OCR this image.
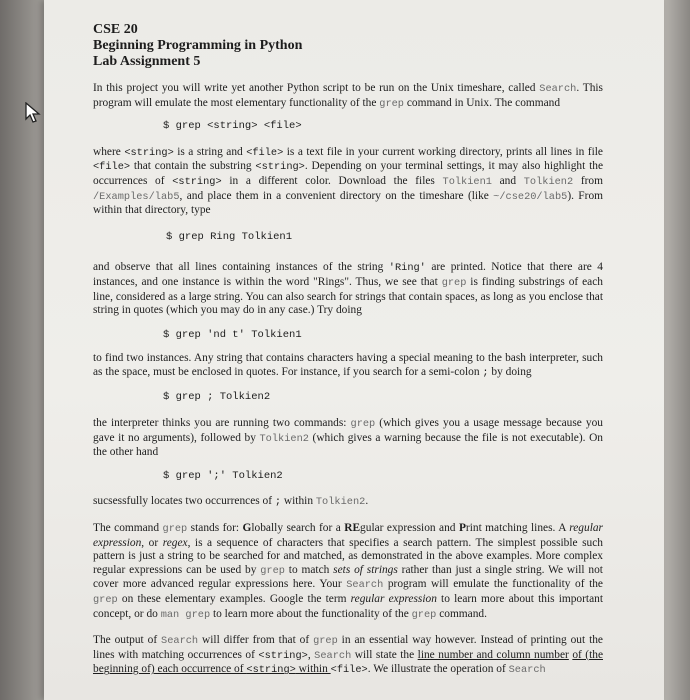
CSE 20
Beginning Programming in Python
Lab Assignment 5

In this project you will write yet another Python script to be run on the Unix timeshare, called Search. This program will emulate the most elementary functionality of the grep command in Unix. The command

$ grep <string> <file>

where <string> is a string and <file> is a text file in your current working directory, prints all lines in file <file> that contain the substring <string>. Depending on your terminal settings, it may also highlight the occurrences of <string> in a different color. Download the files Tolkien1 and Tolkien2 from /Examples/lab5, and place them in a convenient directory on the timeshare (like ~/cse20/lab5). From within that directory, type

$ grep Ring Tolkien1

and observe that all lines containing instances of the string 'Ring' are printed. Notice that there are 4 instances, and one instance is within the word "Rings". Thus, we see that grep is finding substrings of each line, considered as a large string. You can also search for strings that contain spaces, as long as you enclose that string in quotes (which you may do in any case.) Try doing

$ grep 'nd t' Tolkien1

to find two instances. Any string that contains characters having a special meaning to the bash interpreter, such as the space, must be enclosed in quotes. For instance, if you search for a semi-colon ; by doing

$ grep ; Tolkien2

the interpreter thinks you are running two commands: grep (which gives you a usage message because you gave it no arguments), followed by Tolkien2 (which gives a warning because the file is not executable). On the other hand

$ grep ';' Tolkien2

sucsessfully locates two occurrences of ; within Tolkien2.

The command grep stands for: Globally search for a REgular expression and Print matching lines. A regular expression, or regex, is a sequence of characters that specifies a search pattern. The simplest possible such pattern is just a string to be searched for and matched, as demonstrated in the above examples. More complex regular expressions can be used by grep to match sets of strings rather than just a single string. We will not cover more advanced regular expressions here. Your Search program will emulate the functionality of the grep on these elementary examples. Google the term regular expression to learn more about this important concept, or do man grep to learn more about the functionality of the grep command.

The output of Search will differ from that of grep in an essential way however. Instead of printing out the lines with matching occurrences of <string>, Search will state the line number and column number of (the beginning of) each occurrence of <string> within <file>. We illustrate the operation of Search
